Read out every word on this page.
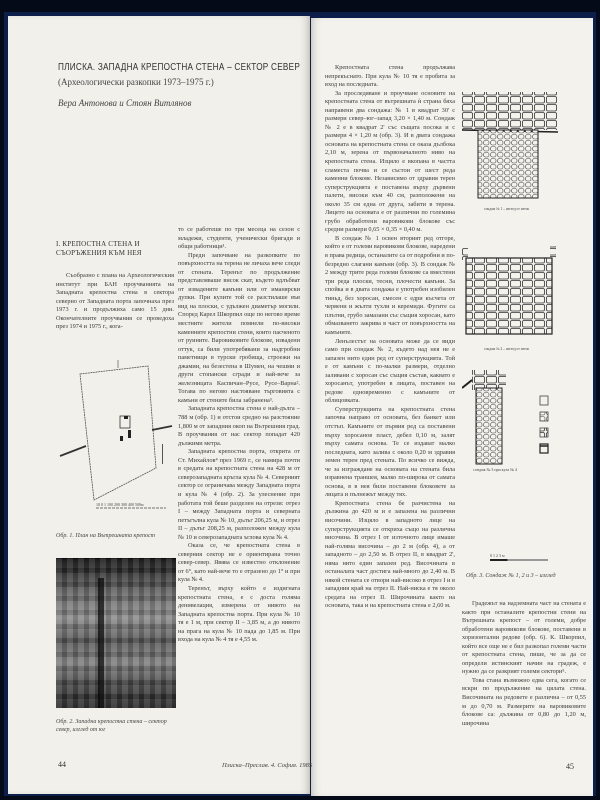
ПЛИСКА. ЗАПАДНА КРЕПОСТНА СТЕНА – СЕКТОР СЕВЕР
(Археологически разкопки 1973–1975 г.)
Вера Антонова и Стоян Витлянов
I. КРЕПОСТНА СТЕНА И СЪОРЪЖЕНИЯ КЪМ НЕЯ

Съобразно с плана на Археологическия институт при БАН проучванията на Западната крепостна стена в сектора северно от Западната порта започнаха през 1973 г. и продължиха само 15 дни. Окончателните проучвания се проведоха през 1974 и 1975 г., кога-

10 0 1 100 200 300 400 500м
Обр. 1. План на Вътрешната крепост
Обр. 2. Западна крепостна стена – сектор север, изглед от юг

то се работеше по три месеца на сезон с младежи, студенти, ученически бригади и общи работници¹.

Преди започване на разкопките по повърхността на терена не личаха вече следи от стената. Теренът по продължение представляваше висок скат, където вдлъбват от извадените камъни или от иманярски дупки. При кулите той се разстилаше във вид на плоски, с удължен диаметър могили. Според Карел Шкорпил още по негово време местните жители помнели по-високи каменните крепостни стени, които пасченото от руините. Варовиковите блокове, извадени оттук, са били употребявани за надгробни паметници в турски гробища, строежи на джамии, на безестена в Шумен, на чешми и други стопански сгради и най-вече за железницата Каспичан–Русе, Русе–Варна². Тогава по негово настояване търговията с камъни от стените била забранена³.

Западната крепостна стена е най-дълга – 788 м (обр. 1) и отстои средно на разстояние 1,800 м от западния окоп на Вътрешния град. В проучвания от нас сектор попадат 420 дължими метра.

Западната крепостна порта, открита от Ст. Михайлов⁴ през 1969 г., се намира почти в средата на крепостната стена на 428 м от северозападната кръгла кула № 4. Северният сектор се ограничава между Западната порта и кула № 4 (обр. 2). За улеснение при работата той беше разделен на отрези: отрез I – между Западната порта и северната петъгълна кула № 10, дълъг 206,25 м, и отрез II – дълъг 208,25 м, разположен между кула № 10 и северозападната ъглова кула № 4.

Оказа се, че крепостната стена в северния сектор не е ориентирана точно север-север. Явява се известно отклонение от 6°, като най-вече то е отразено до 1° и при кула № 4.

Теренът, върху който е издигната крепостната стена, е с доста голяма денивелация, измерена от нивото на Западната крепостна порта. При кула № 10 тя е 1 м, при сектор II – 3,85 м, а до нивото на прага на кула № 10 пада до 1,85 м. При входа на кула № 4 тя е 4,55 м.

44	Плиска–Преслав. 4. София. 1985

Крепостната стена продължава непрекъснато. При кула № 10 тя е пробита за вход на последната.

За проследяване и проучване основите на крепостната стена от вътрешната ѝ страна бяха направени два сондажа: № 1 в квадрат 30' с размери север–юг–запад 3,20 × 1,40 м. Сондаж № 2 е в квадрат 2' със същата посока и с размери 4 × 1,20 м (обр. 3). И в двата сондажа основата на крепостната стена се оказа дълбока 2,10 м, зерена от първоначалното ниво на крепостната стена. Изцяло е вкопана в частта сламеста почва и се състои от шест реда каменни блокове. Независимо от здравия терен суперструкцията е поставена върху дървени палети, високи към 40 см, разположени на около 35 см една от друга, забити в терена. Лицето на основата е от различни по големина грубо обработени варовикови блокове със средни размери 0,65 × 0,35 × 0,40 м.

В сондаж № 1 освен вторият ред отгоре, който е от големи варовикови блокове, наредени в права редица, останалите са от подробни и по-безредно слагани камъни (обр. 3). В сондаж № 2 между трите реда големи блокове са вместени три реда плоски, тесни, плочести камъни. За спойка и в двата сондажа е употребен изобилен тиньд, без хоросан, смесен с едри късчета от червени и жълти тухли и керемиди. Фугите са плътни, грубо замазани със същия хоросан, като обмазването закрива в част от повърхността на камъните.

Ленълестът на основата може да се види само при сондаж № 2, където над нея не е запазен нито един ред от суперструкцията. Той е от камъни с по-малки размери, отделно заливани с хоросан със същия състав, каквато е хоросанът, употребен в лицата, поставен на редове едновременно с камъните от облицовката.

Суперструкцията на крепостната стена започва направо от основата, без банкет или отстъп. Камъните от първия ред са поставени върху хоросанов пласт, дебел 0,10 м, залят върху самата основа. Те се издават малко последната, като залива с около 0,20 м здравия земен терен пред стената. По всичко се вижда, че за изграждане на основата на стената била изравнена траншея, малко по-широка от самата основа, в в нея били поставени блоковете за лицата и пълнежът между тях.

Крепостната стена бе разчистена на дължина до 420 м и е запазена на различни височини. Изцяло в западното лице на суперструкцията се откриха също на различна височина. В отрез I от източното лице имаше най-голяма височина – до 2 м (обр. 4), а от западното – до 2,50 м. В отрез II, в квадрат 2', няма нито един запазен ред. Височината в останалата част достига най-много до 2,40 м. В някой стената се отвори най-високо в отрез I и в западния край на отрез II. Най-ниска е тя около средата на отрез II. Широчината както на основата, така и на крепостната стена е 2,60 м.

сондаж № 1 – изглед от изток
сондаж № 2 – изглед от изток
сондаж № 3 при кула № 4
0 1 2 3 м
Обр. 3. Сондаж № 1, 2 и 3 – изглед

Градежът на надземната част на стената е както при останалите крепостни стени на Вътрешната крепост – от големи, добре обработени варовикови блокове, поставени в хоризонтални редове (обр. 6). К. Шкорпил, който все още не е бил разкопал големи части от крепостната стена, пише, че за да се определи истинският начин на градеж, е нужно да се разкрият големи сектори⁵.

Това стана възможно едва сега, когато се вскри по продължение на цялата стена. Височината на редовете е различна – от 0,55 м до 0,70 м. Размерите на варовиковите блокове са: дължина от 0,80 до 1,20 м, широчина

45
